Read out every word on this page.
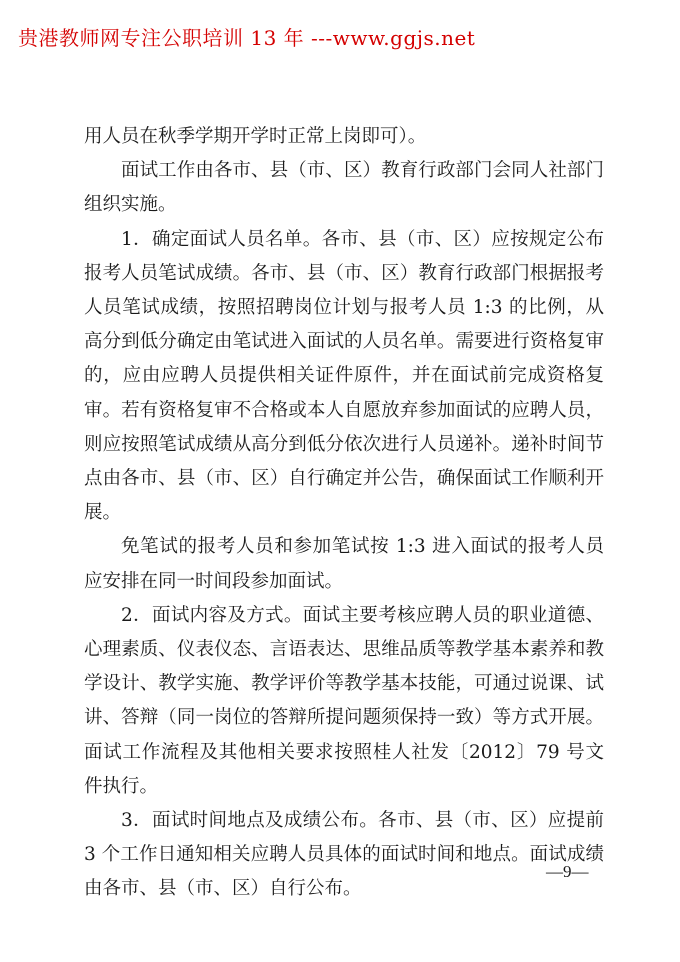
贵港教师网专注公职培训 13 年 ---www.ggjs.net

用人员在秋季学期开学时正常上岗即可）。

面试工作由各市、县（市、区）教育行政部门会同人社部门组织实施。

1．确定面试人员名单。各市、县（市、区）应按规定公布报考人员笔试成绩。各市、县（市、区）教育行政部门根据报考人员笔试成绩，按照招聘岗位计划与报考人员 1:3 的比例，从高分到低分确定由笔试进入面试的人员名单。需要进行资格复审的，应由应聘人员提供相关证件原件，并在面试前完成资格复审。若有资格复审不合格或本人自愿放弃参加面试的应聘人员，则应按照笔试成绩从高分到低分依次进行人员递补。递补时间节点由各市、县（市、区）自行确定并公告，确保面试工作顺利开展。

免笔试的报考人员和参加笔试按 1:3 进入面试的报考人员应安排在同一时间段参加面试。

2．面试内容及方式。面试主要考核应聘人员的职业道德、心理素质、仪表仪态、言语表达、思维品质等教学基本素养和教学设计、教学实施、教学评价等教学基本技能，可通过说课、试讲、答辩（同一岗位的答辩所提问题须保持一致）等方式开展。面试工作流程及其他相关要求按照桂人社发〔2012〕79 号文件执行。

3．面试时间地点及成绩公布。各市、县（市、区）应提前 3 个工作日通知相关应聘人员具体的面试时间和地点。面试成绩由各市、县（市、区）自行公布。

—9—
